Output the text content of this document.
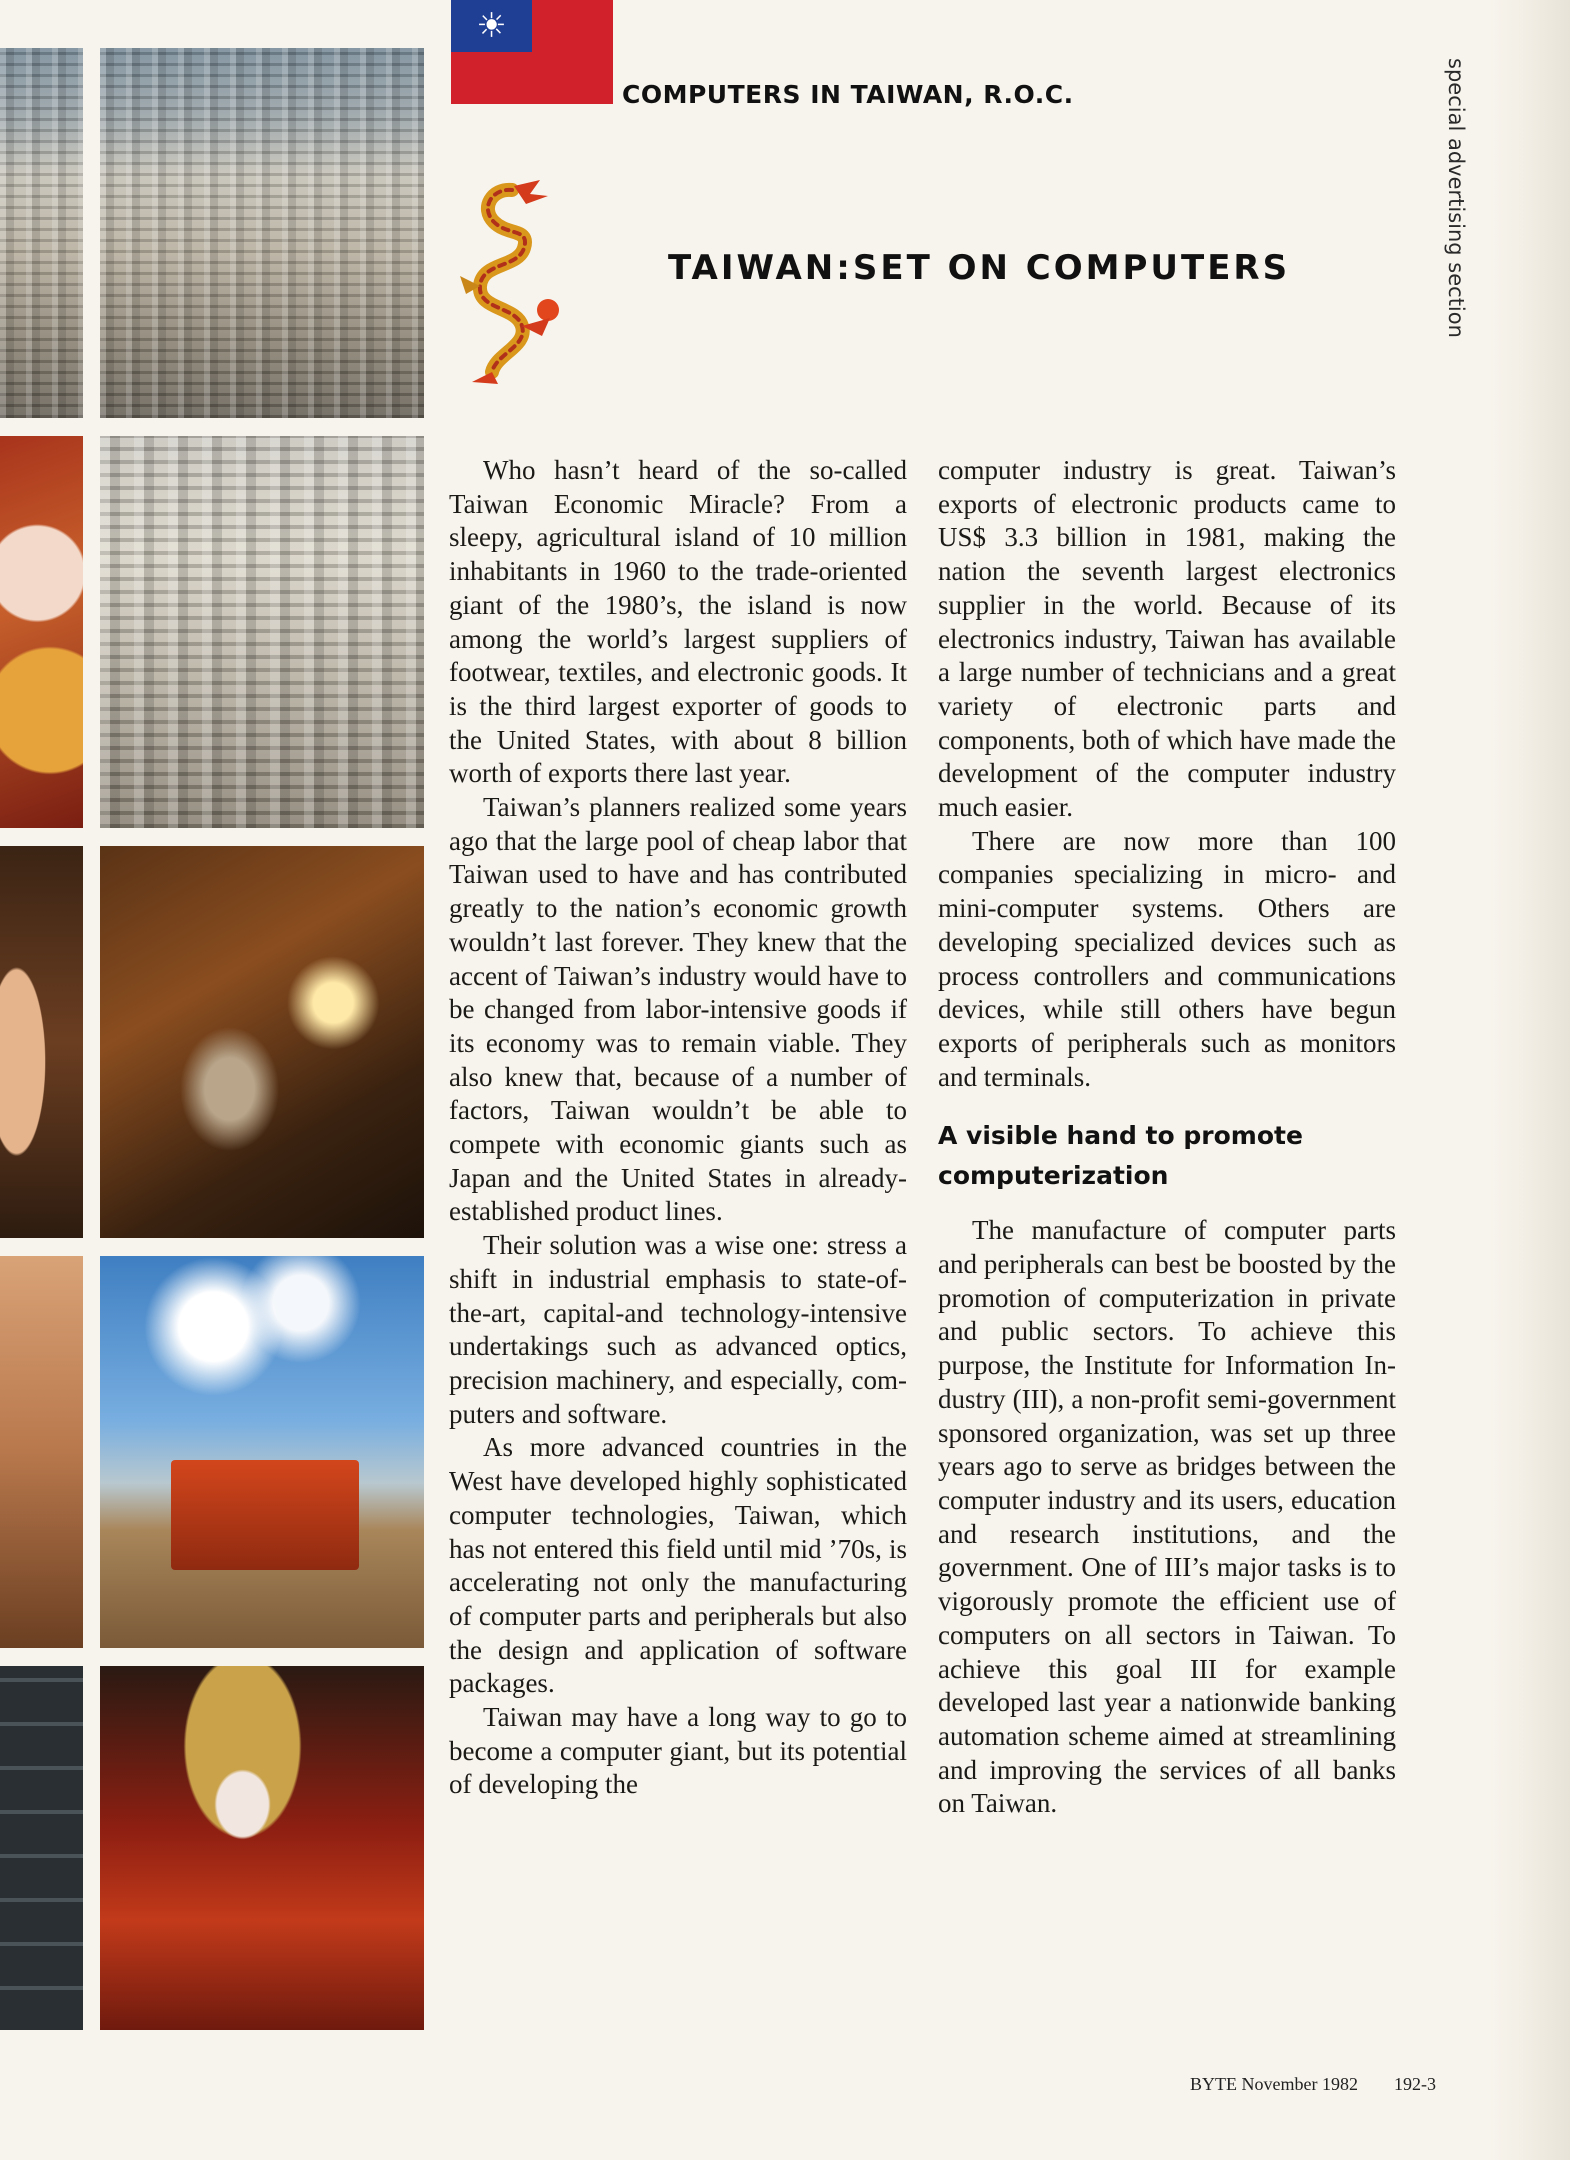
☀
COMPUTERS IN TAIWAN, R.O.C.	special advertising section
TAIWAN:SET ON COMPUTERS

Who hasn’t heard of the so-called Taiwan Economic Miracle? From a sleepy, agricultural island of 10 million inhabitants in 1960 to the trade-oriented giant of the 1980’s, the island is now among the world’s largest suppliers of footwear, textiles, and electronic goods. It is the third largest exporter of goods to the United States, with about 8 billion worth of exports there last year.

Taiwan’s planners realized some years ago that the large pool of cheap labor that Taiwan used to have and has contributed greatly to the nation’s economic growth wouldn’t last forever. They knew that the accent of Taiwan’s industry would have to be changed from labor-intensive goods if its economy was to remain viable. They also knew that, because of a number of factors, Taiwan wouldn’t be able to compete with economic giants such as Japan and the United States in already-established product lines.

Their solution was a wise one: stress a shift in industrial emphasis to state-of-the-art, capital-and technology-intensive undertakings such as advanced optics, precision machinery, and especially, computers and software.

As more advanced countries in the West have developed highly sophisticated computer technologies, Taiwan, which has not entered this field until mid ’70s, is accelerating not only the manufacturing of computer parts and peripherals but also the design and application of software packages.

Taiwan may have a long way to go to become a computer giant, but its potential of developing the

computer industry is great. Taiwan’s exports of electronic products came to US$ 3.3 billion in 1981, making the nation the seventh largest electronics supplier in the world. Because of its electronics industry, Taiwan has available a large number of technicians and a great variety of electronic parts and components, both of which have made the development of the computer industry much easier.

There are now more than 100 companies specializing in micro- and mini-computer systems. Others are developing specialized devices such as process controllers and communications devices, while still others have begun exports of peripherals such as monitors and terminals.

A visible hand to promote computerization

The manufacture of computer parts and peripherals can best be boosted by the promotion of computerization in private and public sectors. To achieve this purpose, the Institute for Information Industry (III), a non-profit semi-government sponsored organization, was set up three years ago to serve as bridges between the computer industry and its users, education and research institutions, and the government. One of III’s major tasks is to vigorously promote the efficient use of computers on all sectors in Taiwan. To achieve this goal III for example developed last year a nationwide banking automation scheme aimed at streamlining and improving the services of all banks on Taiwan.

BYTE November 1982 192-3
